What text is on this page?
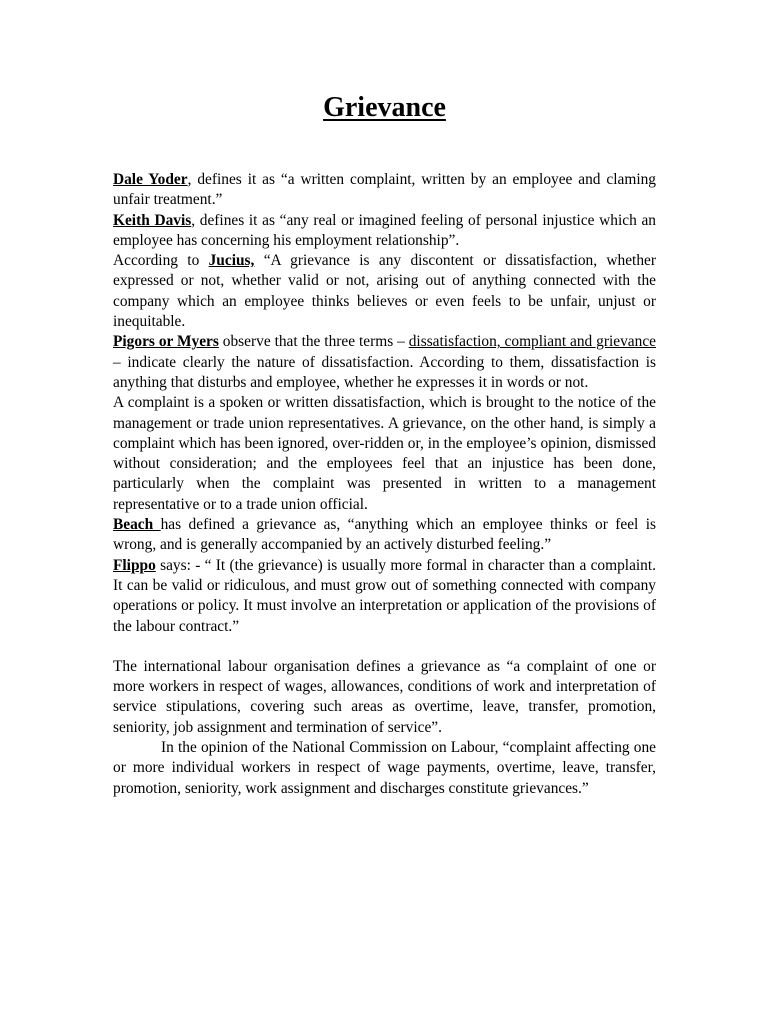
Grievance

Dale Yoder, defines it as “a written complaint, written by an employee and claming unfair treatment.”

Keith Davis, defines it as “any real or imagined feeling of personal injustice which an employee has concerning his employment relationship”.

According to Jucius, “A grievance is any discontent or dissatisfaction, whether expressed or not, whether valid or not, arising out of anything connected with the company which an employee thinks believes or even feels to be unfair, unjust or inequitable.

Pigors or Myers observe that the three terms – dissatisfaction, compliant and grievance – indicate clearly the nature of dissatisfaction. According to them, dissatisfaction is anything that disturbs and employee, whether he expresses it in words or not.

A complaint is a spoken or written dissatisfaction, which is brought to the notice of the management or trade union representatives. A grievance, on the other hand, is simply a complaint which has been ignored, over-ridden or, in the employee’s opinion, dismissed without consideration; and the employees feel that an injustice has been done, particularly when the complaint was presented in written to a management representative or to a trade union official.

Beach has defined a grievance as, “anything which an employee thinks or feel is wrong, and is generally accompanied by an actively disturbed feeling.”

Flippo says: - “ It (the grievance) is usually more formal in character than a complaint. It can be valid or ridiculous, and must grow out of something connected with company operations or policy. It must involve an interpretation or application of the provisions of the labour contract.”

The international labour organisation defines a grievance as “a complaint of one or more workers in respect of wages, allowances, conditions of work and interpretation of service stipulations, covering such areas as overtime, leave, transfer, promotion, seniority, job assignment and termination of service”.

In the opinion of the National Commission on Labour, “complaint affecting one or more individual workers in respect of wage payments, overtime, leave, transfer, promotion, seniority, work assignment and discharges constitute grievances.”
